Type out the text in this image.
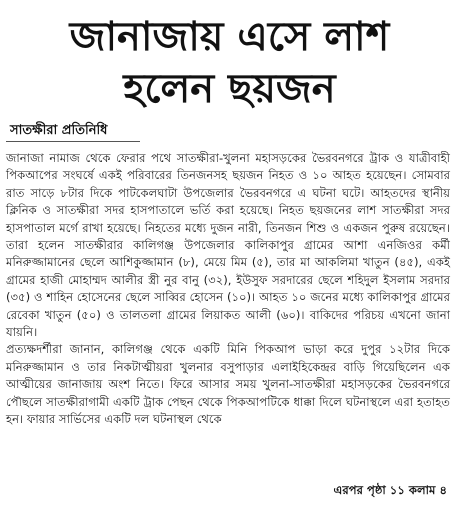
জানাজায় এসে লাশ
হলেন ছয়জন
সাতক্ষীরা প্রতিনিধি

জানাজা নামাজ থেকে ফেরার পথে সাতক্ষীরা-খুলনা মহাসড়কের ভৈরবনগরে ট্রাক ও যাত্রীবাহী পিকআপের সংঘর্ষে একই পরিবারের তিনজনসহ ছয়জন নিহত ও ১০ আহত হয়েছেন। সোমবার রাত সাড়ে ৮টার দিকে পাটকেলঘাটা উপজেলার ভৈরবনগরে এ ঘটনা ঘটে। আহতদের স্থানীয় ক্লিনিক ও সাতক্ষীরা সদর হাসপাতালে ভর্তি করা হয়েছে। নিহত ছয়জনের লাশ সাতক্ষীরা সদর হাসপাতাল মর্গে রাখা হয়েছে। নিহতের মধ্যে দুজন নারী, তিনজন শিশু ও একজন পুরুষ রয়েছেন। তারা হলেন সাতক্ষীরার কালিগঞ্জ উপজেলার কালিকাপুর গ্রামের আশা এনজিওর কর্মী মনিরুজ্জামানের ছেলে আশিকুজ্জামান (৮), মেয়ে মিম (৫), তার মা আকলিমা খাতুন (৪৫), একই গ্রামের হাজী মোহাম্মদ আলীর স্ত্রী নুর বানু (৩২), ইউসুফ সরদারের ছেলে শহিদুল ইসলাম সরদার (৩৫) ও শাহিন হোসেনের ছেলে সাব্বির হোসেন (১০)। আহত ১০ জনের মধ্যে কালিকাপুর গ্রামের রেবেকা খাতুন (৫০) ও তালতলা গ্রামের লিয়াকত আলী (৬০)। বাকিদের পরিচয় এখনো জানা যায়নি।

প্রত্যক্ষদর্শীরা জানান, কালিগঞ্জ থেকে একটি মিনি পিকআপ ভাড়া করে দুপুর ১২টার দিকে মনিরুজ্জামান ও তার নিকটাত্মীয়রা খুলনার বসুপাড়ার এলাইহিকেন্দ্রর বাড়ি গিয়েছিলেন এক আত্মীয়ের জানাজায় অংশ নিতে। ফিরে আসার সময় খুলনা-সাতক্ষীরা মহাসড়কের ভৈরবনগরে পৌছলে সাতক্ষীরাগামী একটি ট্রাক পেছন থেকে পিকআপটিকে ধাক্কা দিলে ঘটনাস্থলে এরা হতাহত হন। ফায়ার সার্ভিসের একটি দল ঘটনাস্থল থেকে

এরপর পৃষ্ঠা ১১ কলাম ৪
